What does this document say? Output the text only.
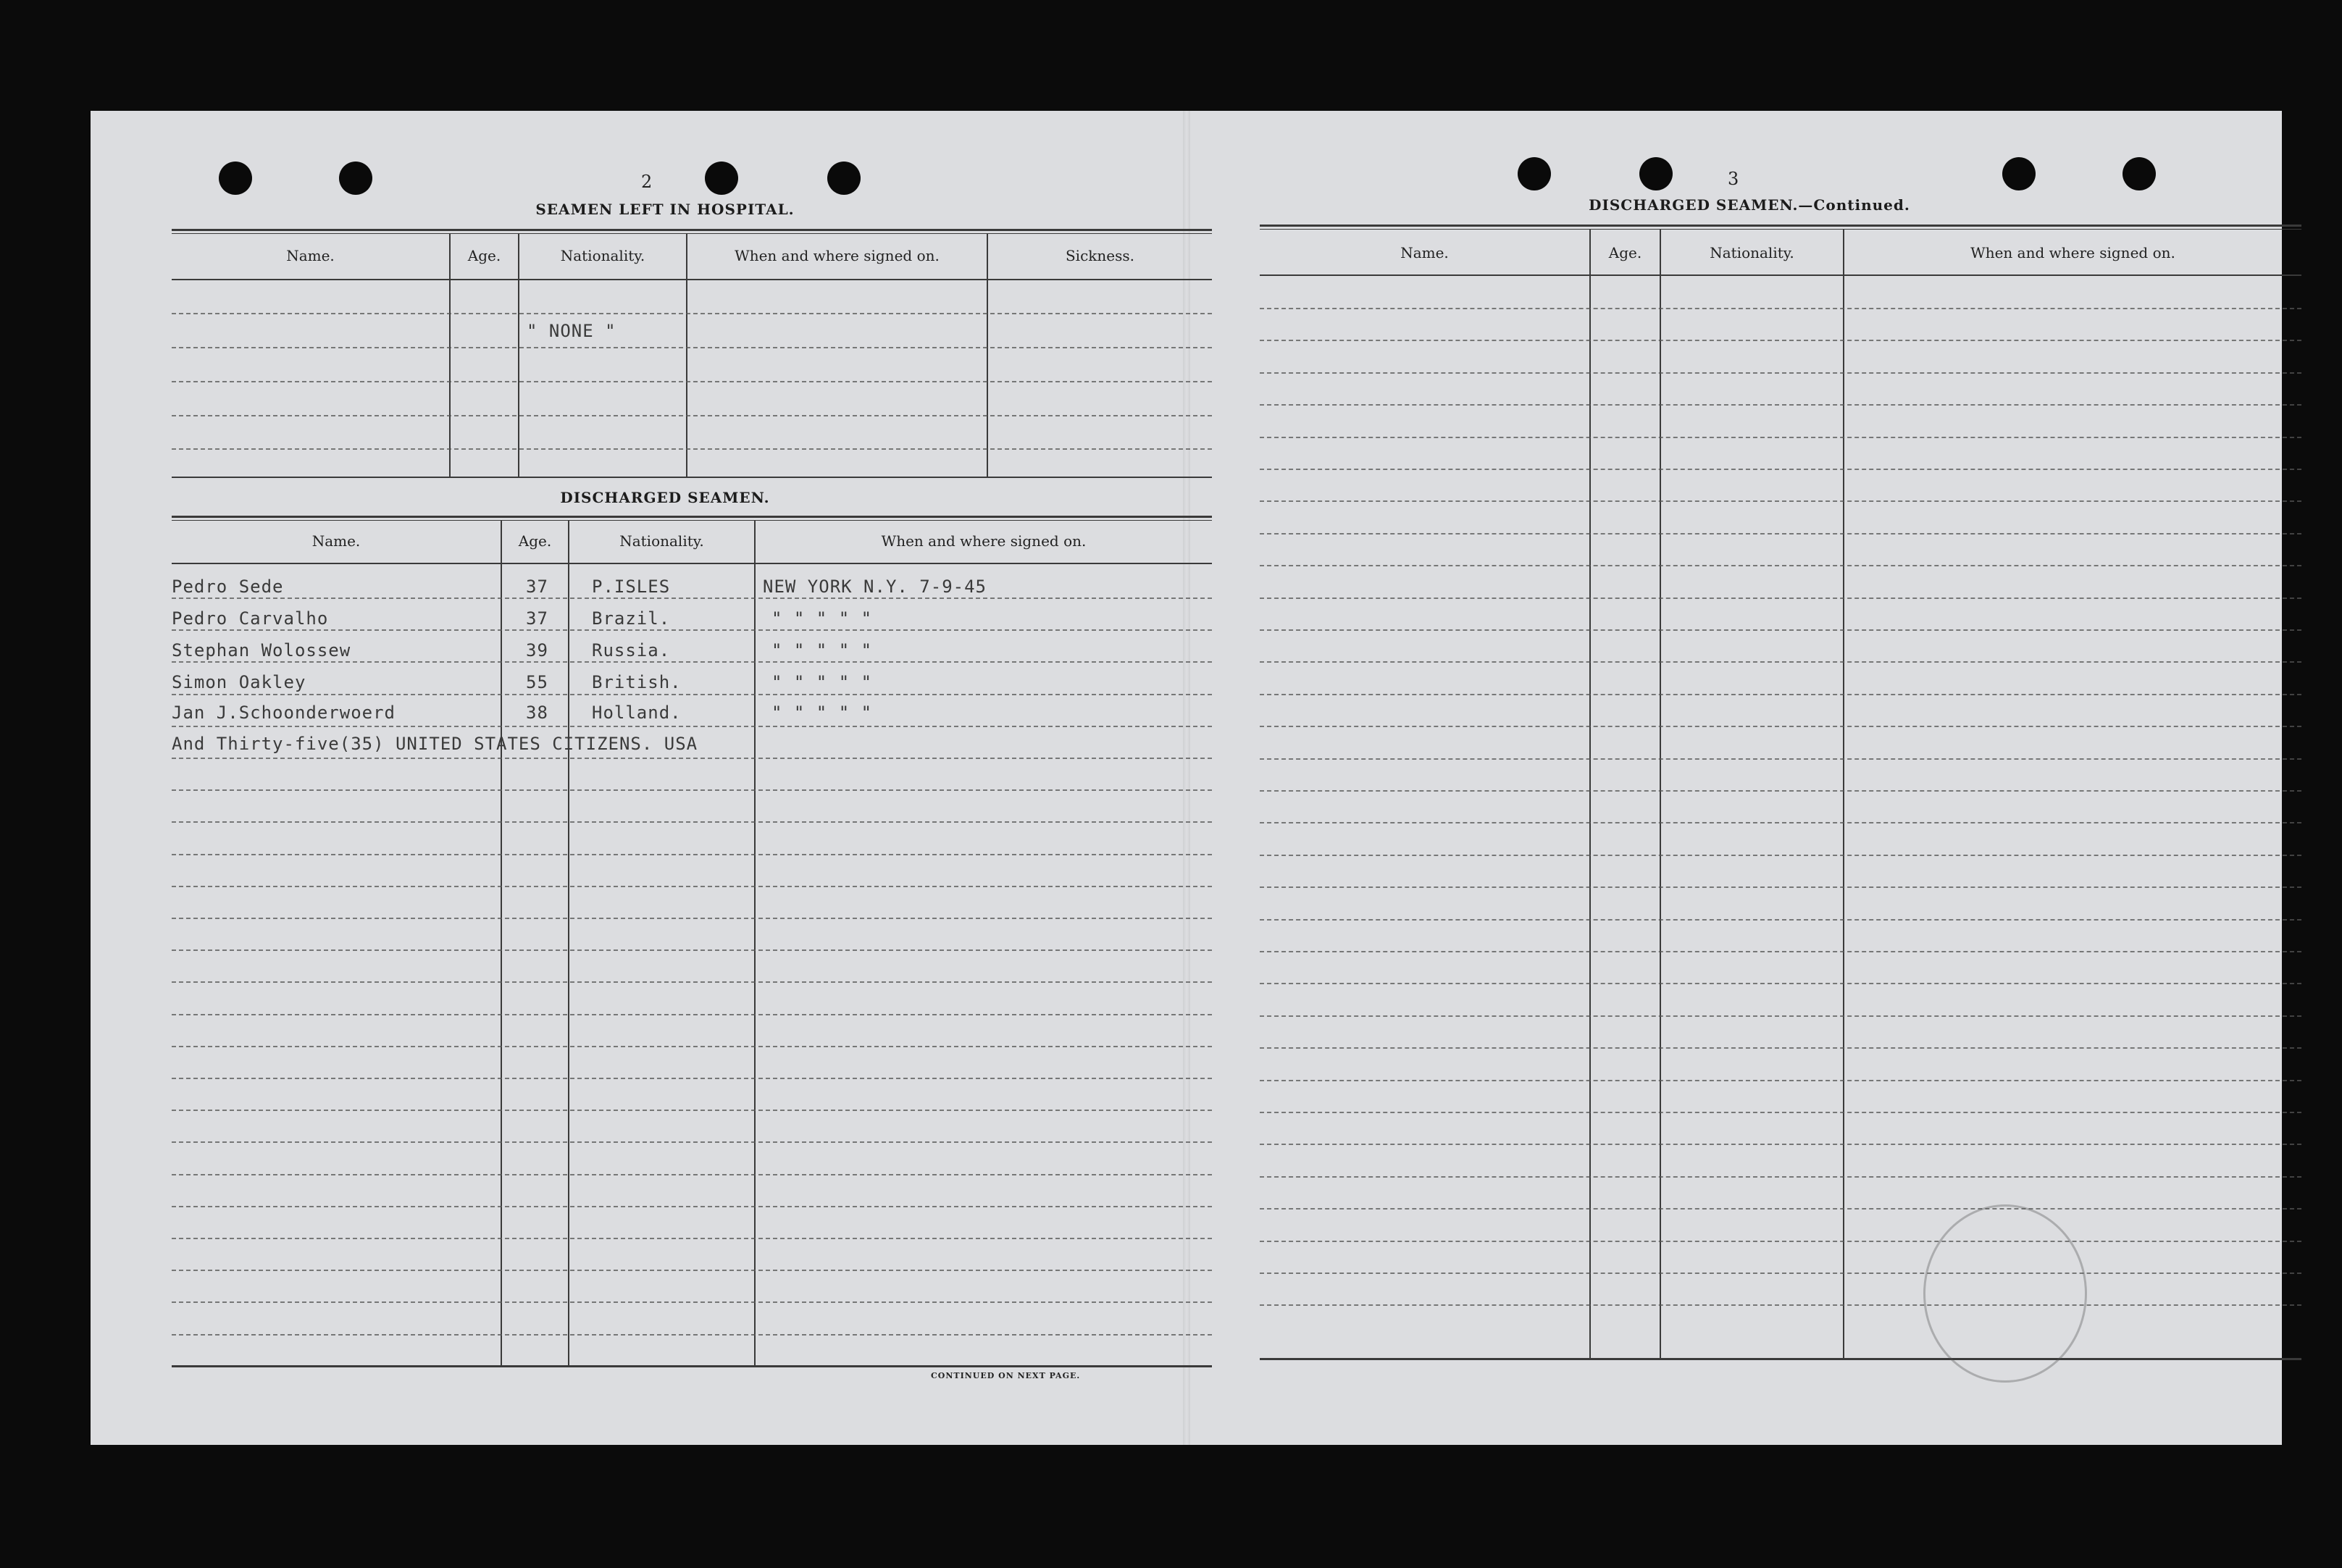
2
SEAMEN LEFT IN HOSPITAL.
Name.	Age.	Nationality.	When and where signed on.	Sickness.
" NONE "
DISCHARGED SEAMEN.
Name.	Age.	Nationality.	When and where signed on.
Pedro Sede	37	P.ISLES	NEW YORK N.Y. 7-9-45
Pedro Carvalho	37	Brazil.	" " " " "
Stephan Wolossew	39	Russia.	" " " " "
Simon Oakley	55	British.	" " " " "
Jan J.Schoonderwoerd	38	Holland.	" " " " "
And Thirty-five(35) UNITED STATES CITIZENS. USA
CONTINUED ON NEXT PAGE.
3
DISCHARGED SEAMEN.—Continued.
Name.	Age.	Nationality.	When and where signed on.
